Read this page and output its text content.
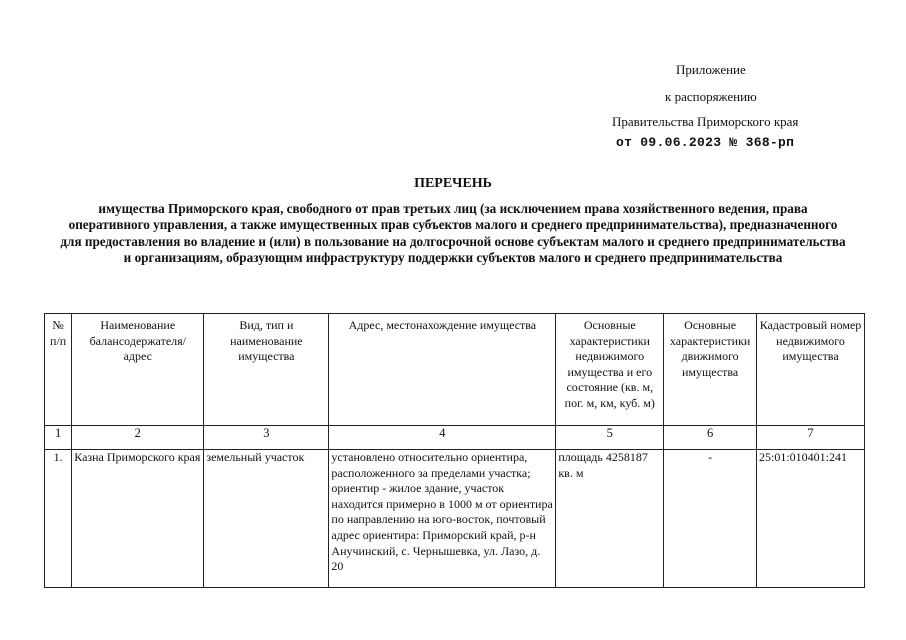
Приложение
к распоряжению
Правительства Приморского края
от 09.06.2023 № 368-рп
ПЕРЕЧЕНЬ
имущества Приморского края, свободного от прав третьих лиц (за исключением права хозяйственного ведения, права оперативного управления, а также имущественных прав субъектов малого и среднего предпринимательства), предназначенного для предоставления во владение и (или) в пользование на долгосрочной основе субъектам малого и среднего предпринимательства и организациям, образующим инфраструктуру поддержки субъектов малого и среднего предпринимательства
№ п/п	Наименование балансодержателя/ адрес	Вид, тип и наименование имущества	Адрес, местонахождение имущества	Основные характеристики недвижимого имущества и его состояние (кв. м, пог. м, км, куб. м)	Основные характеристики движимого имущества	Кадастровый номер недвижимого имущества
1	2	3	4	5	6	7
1.	Казна Приморского края	земельный участок	установлено относительно ориентира, расположенного за пределами участка; ориентир - жилое здание, участок находится примерно в 1000 м от ориентира по направлению на юго-восток, почтовый адрес ориентира: Приморский край, р-н Анучинский, с. Чернышевка, ул. Лазо, д. 20	площадь 4258187 кв. м	-	25:01:010401:241
